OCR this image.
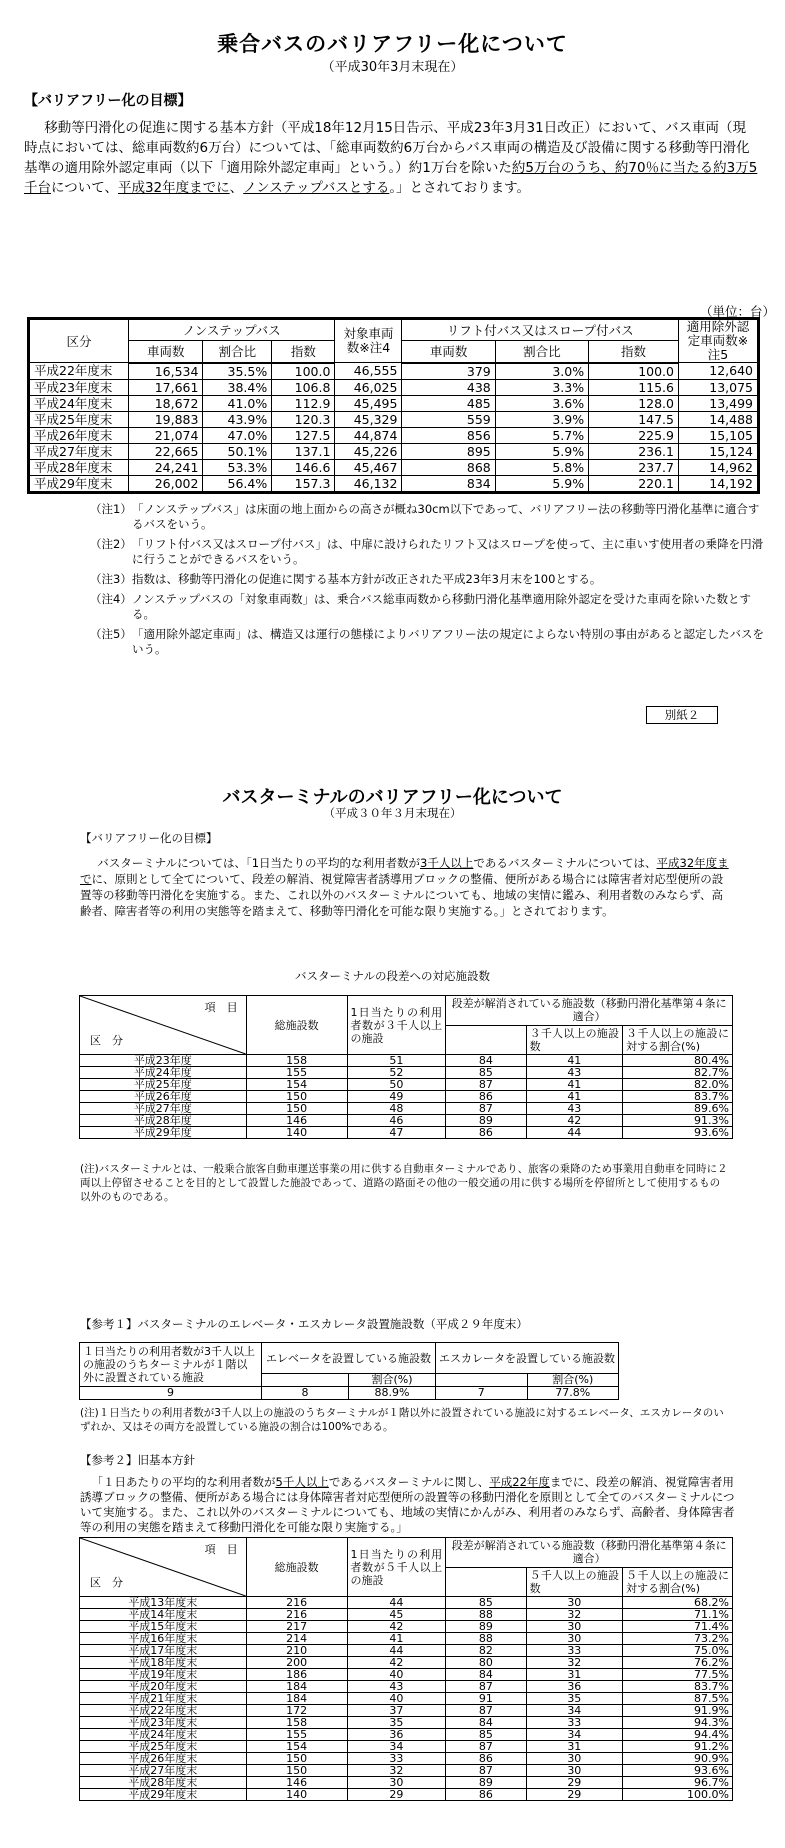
乗合バスのバリアフリー化について
（平成30年3月末現在）
【バリアフリー化の目標】
移動等円滑化の促進に関する基本方針（平成18年12月15日告示、平成23年3月31日改正）において、バス車両（現時点においては、総車両数約6万台）については、「総車両数約6万台からバス車両の構造及び設備に関する移動等円滑化基準の適用除外認定車両（以下「適用除外認定車両」という。）約1万台を除いた約5万台のうち、約70％に当たる約3万5千台について、平成32年度までに、ノンステップバスとする。」とされております。
（単位：台）
区分	ノンステップバス			対象車両数※注4	リフト付バス又はスロープ付バス			適用除外認定車両数※注5
	車両数	割合比	指数		車両数	割合比	指数	
平成22年度末	16,534	35.5%	100.0	46,555	379	3.0%	100.0	12,640
平成23年度末	17,661	38.4%	106.8	46,025	438	3.3%	115.6	13,075
平成24年度末	18,672	41.0%	112.9	45,495	485	3.6%	128.0	13,499
平成25年度末	19,883	43.9%	120.3	45,329	559	3.9%	147.5	14,488
平成26年度末	21,074	47.0%	127.5	44,874	856	5.7%	225.9	15,105
平成27年度末	22,665	50.1%	137.1	45,226	895	5.9%	236.1	15,124
平成28年度末	24,241	53.3%	146.6	45,467	868	5.8%	237.7	14,962
平成29年度末	26,002	56.4%	157.3	46,132	834	5.9%	220.1	14,192
（注1） 「ノンステップバス」は床面の地上面からの高さが概ね30cm以下であって、バリアフリー法の移動等円滑化基準に適合するバスをいう。
（注2） 「リフト付バス又はスロープ付バス」は、中扉に設けられたリフト又はスロープを使って、主に車いす使用者の乗降を円滑に行うことができるバスをいう。
（注3） 指数は、移動等円滑化の促進に関する基本方針が改正された平成23年3月末を100とする。
（注4） ノンステップバスの「対象車両数」は、乗合バス総車両数から移動円滑化基準適用除外認定を受けた車両を除いた数とする。
（注5） 「適用除外認定車両」は、構造又は運行の態様によりバリアフリー法の規定によらない特別の事由があると認定したバスをいう。
別紙２
バスターミナルのバリアフリー化について
（平成３０年３月末現在）
【バリアフリー化の目標】
バスターミナルについては、「1日当たりの平均的な利用者数が3千人以上であるバスターミナルについては、平成32年度までに、原則として全てについて、段差の解消、視覚障害者誘導用ブロックの整備、便所がある場合には障害者対応型便所の設置等の移動等円滑化を実施する。また、これ以外のバスターミナルについても、地域の実情に鑑み、利用者数のみならず、高齢者、障害者等の利用の実態等を踏まえて、移動等円滑化を可能な限り実施する。」とされております。
バスターミナルの段差への対応施設数
項　目
区　分	総施設数	1日当たりの利用者数が３千人以上の施設	段差が解消されている施設数（移動円滑化基準第４条に適合）		
				３千人以上の施設数	３千人以上の施設に対する割合(%)
平成23年度	158	51	84	41	80.4%
平成24年度	155	52	85	43	82.7%
平成25年度	154	50	87	41	82.0%
平成26年度	150	49	86	41	83.7%
平成27年度	150	48	87	43	89.6%
平成28年度	146	46	89	42	91.3%
平成29年度	140	47	86	44	93.6%
(注)バスターミナルとは、一般乗合旅客自動車運送事業の用に供する自動車ターミナルであり、旅客の乗降のため事業用自動車を同時に２両以上停留させることを目的として設置した施設であって、道路の路面その他の一般交通の用に供する場所を停留所として使用するもの以外のものである。
【参考１】バスターミナルのエレベータ・エスカレータ設置施設数（平成２９年度末）
１日当たりの利用者数が3千人以上の施設のうちターミナルが１階以外に設置されている施設	エレベータを設置している施設数		エスカレータを設置している施設数	
		割合(%)		割合(%)
9	8	88.9%	7	77.8%
(注)１日当たりの利用者数が3千人以上の施設のうちターミナルが１階以外に設置されている施設に対するエレベータ、エスカレータのいずれか、又はその両方を設置している施設の割合は100%である。
【参考２】旧基本方針
「１日あたりの平均的な利用者数が5千人以上であるバスターミナルに関し、平成22年度までに、段差の解消、視覚障害者用誘導ブロックの整備、便所がある場合には身体障害者対応型便所の設置等の移動円滑化を原則として全てのバスターミナルについて実施する。また、これ以外のバスターミナルについても、地域の実情にかんがみ、利用者のみならず、高齢者、身体障害者等の利用の実態を踏まえて移動円滑化を可能な限り実施する。」
項　目
区　分	総施設数	1日当たりの利用者数が５千人以上の施設	段差が解消されている施設数（移動円滑化基準第４条に適合）		
				５千人以上の施設数	５千人以上の施設に対する割合(%)
平成13年度末	216	44	85	30	68.2%
平成14年度末	216	45	88	32	71.1%
平成15年度末	217	42	89	30	71.4%
平成16年度末	214	41	88	30	73.2%
平成17年度末	210	44	82	33	75.0%
平成18年度末	200	42	80	32	76.2%
平成19年度末	186	40	84	31	77.5%
平成20年度末	184	43	87	36	83.7%
平成21年度末	184	40	91	35	87.5%
平成22年度末	172	37	87	34	91.9%
平成23年度末	158	35	84	33	94.3%
平成24年度末	155	36	85	34	94.4%
平成25年度末	154	34	87	31	91.2%
平成26年度末	150	33	86	30	90.9%
平成27年度末	150	32	87	30	93.6%
平成28年度末	146	30	89	29	96.7%
平成29年度末	140	29	86	29	100.0%
